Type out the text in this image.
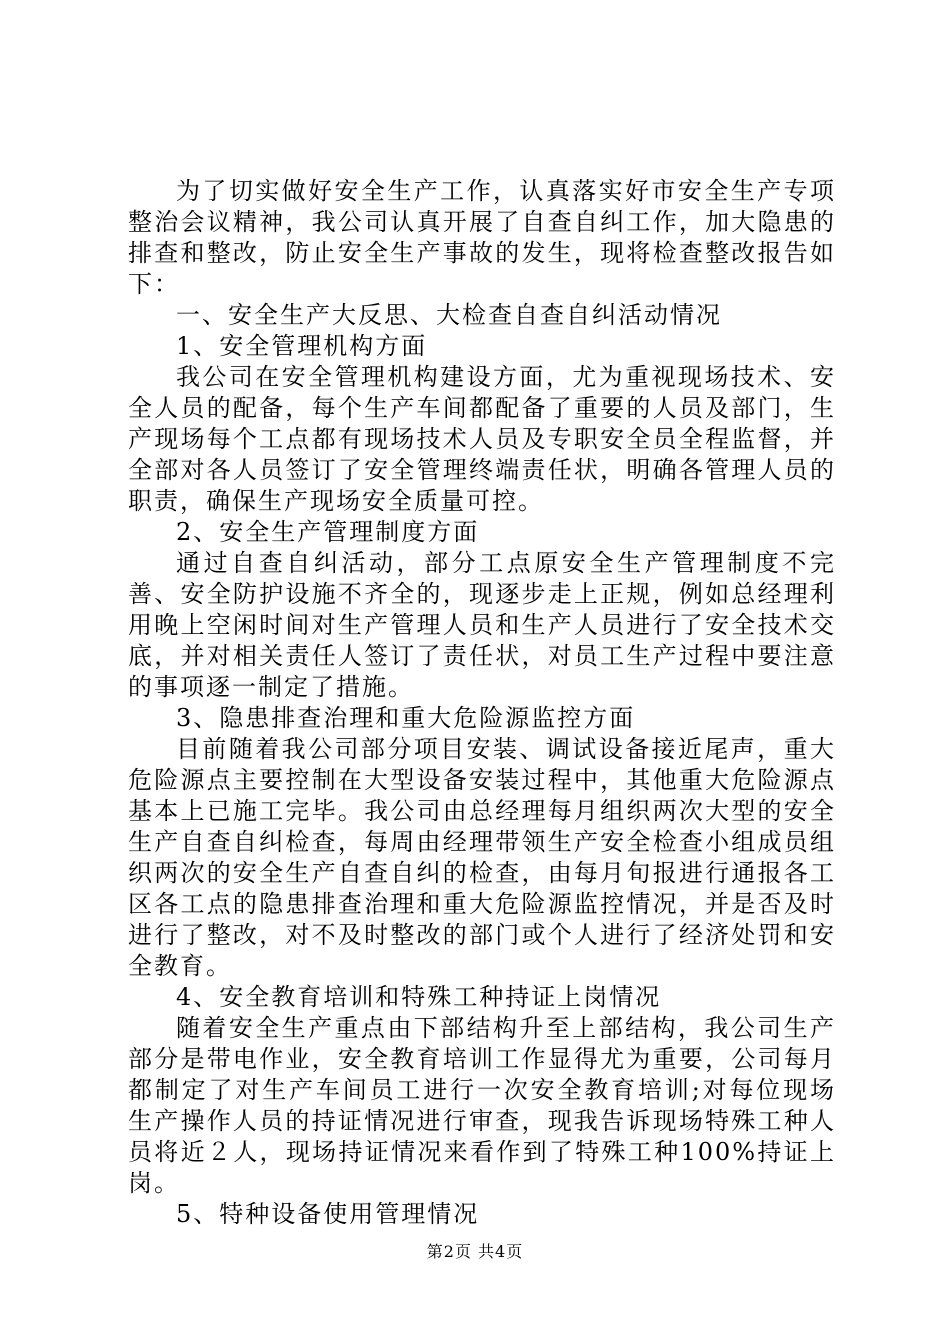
为了切实做好安全生产工作，认真落实好市安全生产专项整治会议精神，我公司认真开展了自查自纠工作，加大隐患的排查和整改，防止安全生产事故的发生，现将检查整改报告如下：

一、安全生产大反思、大检查自查自纠活动情况

1、安全管理机构方面

我公司在安全管理机构建设方面，尤为重视现场技术、安全人员的配备，每个生产车间都配备了重要的人员及部门，生产现场每个工点都有现场技术人员及专职安全员全程监督，并全部对各人员签订了安全管理终端责任状，明确各管理人员的职责，确保生产现场安全质量可控。

2、安全生产管理制度方面

通过自查自纠活动，部分工点原安全生产管理制度不完善、安全防护设施不齐全的，现逐步走上正规，例如总经理利用晚上空闲时间对生产管理人员和生产人员进行了安全技术交底，并对相关责任人签订了责任状，对员工生产过程中要注意的事项逐一制定了措施。

3、隐患排查治理和重大危险源监控方面

目前随着我公司部分项目安装、调试设备接近尾声，重大危险源点主要控制在大型设备安装过程中，其他重大危险源点基本上已施工完毕。我公司由总经理每月组织两次大型的安全生产自查自纠检查，每周由经理带领生产安全检查小组成员组织两次的安全生产自查自纠的检查，由每月旬报进行通报各工区各工点的隐患排查治理和重大危险源监控情况，并是否及时进行了整改，对不及时整改的部门或个人进行了经济处罚和安全教育。

4、安全教育培训和特殊工种持证上岗情况

随着安全生产重点由下部结构升至上部结构，我公司生产部分是带电作业，安全教育培训工作显得尤为重要，公司每月都制定了对生产车间员工进行一次安全教育培训;对每位现场生产操作人员的持证情况进行审查，现我告诉现场特殊工种人员将近２人，现场持证情况来看作到了特殊工种100%持证上岗。

5、特种设备使用管理情况

第2页 共4页
